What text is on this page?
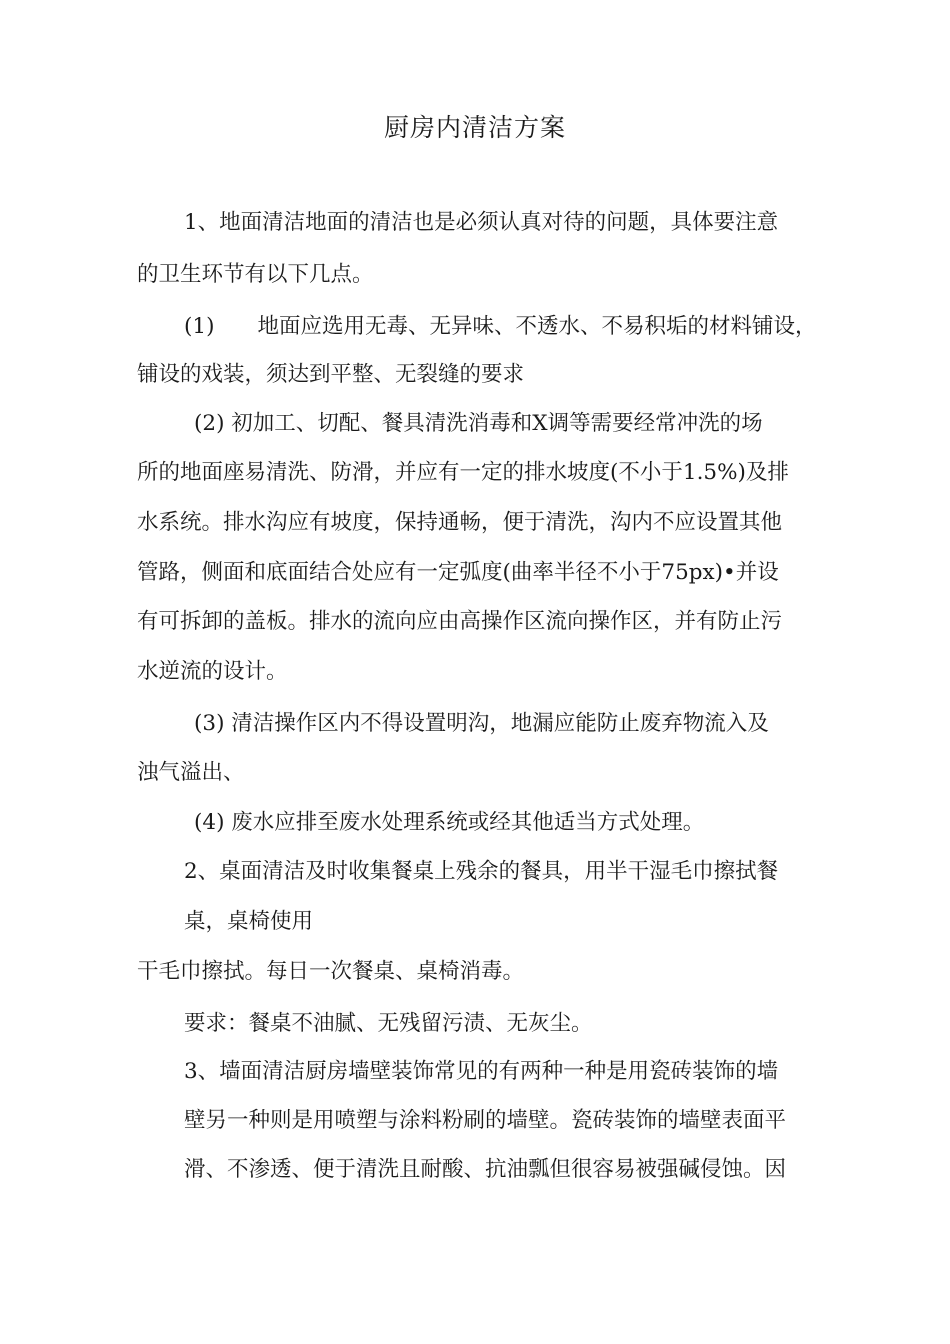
厨房内清洁方案
1、地面清洁地面的清洁也是必须认真对待的问题，具体要注意
的卫生环节有以下几点。
(1)　　地面应选用无毒、无异味、不透水、不易积垢的材料铺设，
铺设的戏装，须达到平整、无裂缝的要求
(2) 初加工、切配、餐具清洗消毒和X调等需要经常冲洗的场
所的地面座易清洗、防滑，并应有一定的排水坡度(不小于1.5%)及排
水系统。排水沟应有坡度，保持通畅，便于清洗，沟内不应设置其他
管路，侧面和底面结合处应有一定弧度(曲率半径不小于75px)•并设
有可拆卸的盖板。排水的流向应由高操作区流向操作区，并有防止污
水逆流的设计。
(3) 清洁操作区内不得设置明沟，地漏应能防止废弃物流入及
浊气溢出、
(4) 废水应排至废水处理系统或经其他适当方式处理。
2、桌面清洁及时收集餐桌上残余的餐具，用半干湿毛巾擦拭餐
桌，桌椅使用
干毛巾擦拭。每日一次餐桌、桌椅消毒。
要求：餐桌不油腻、无残留污渍、无灰尘。
3、墙面清洁厨房墙壁装饰常见的有两种一种是用瓷砖装饰的墙
壁另一种则是用喷塑与涂料粉刷的墙壁。瓷砖装饰的墙壁表面平
滑、不渗透、便于清洗且耐酸、抗油瓢但很容易被强碱侵蚀。因
